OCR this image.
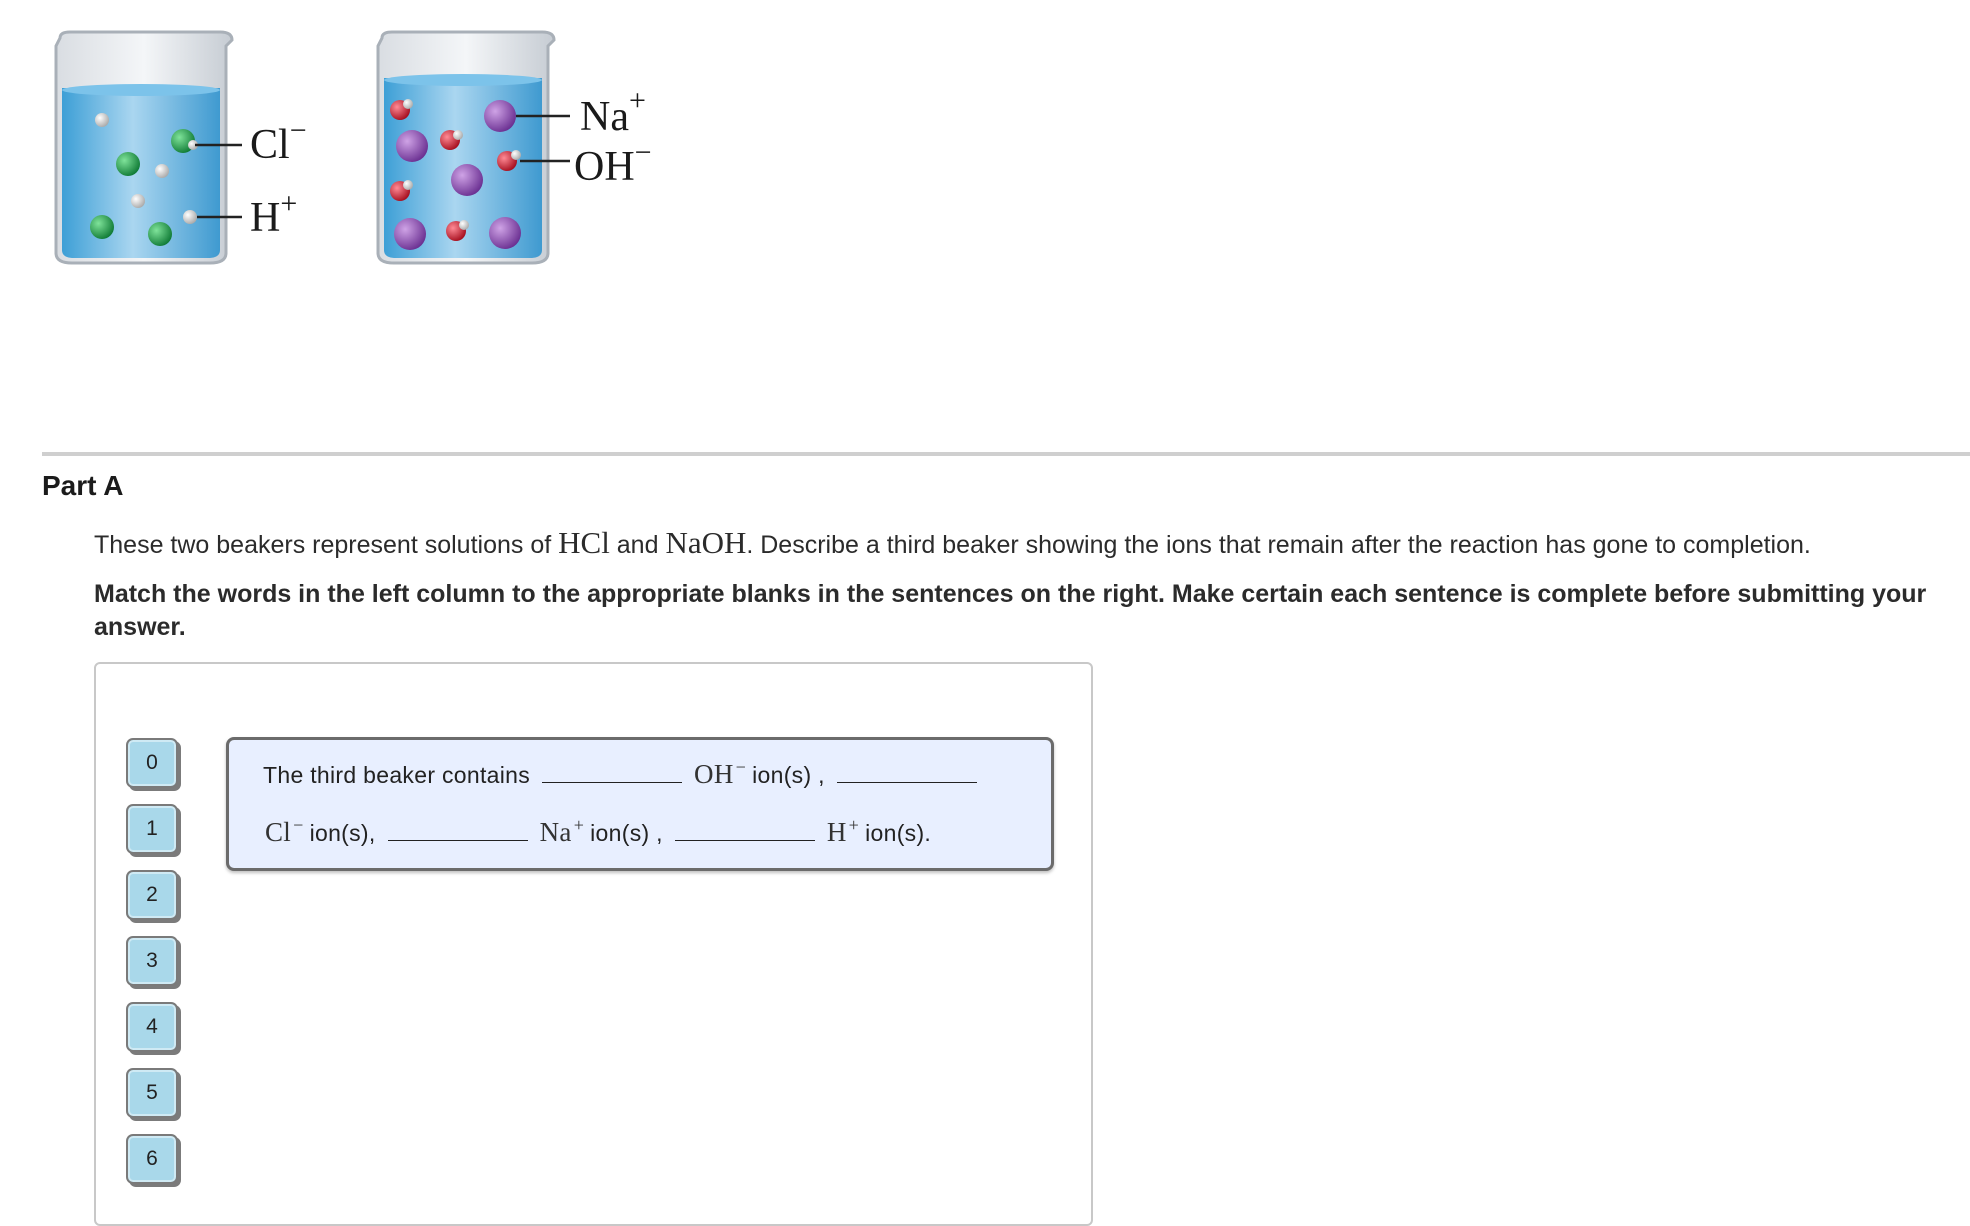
Cl−
H+
Na+
OH−
Part A
These two beakers represent solutions of HCl and NaOH. Describe a third beaker showing the ions that remain after the reaction has gone to completion.
Match the words in the left column to the appropriate blanks in the sentences on the right. Make certain each sentence is complete before submitting your answer.
0
1
2
3
4
5
6
The third beaker contains	OH − ion(s) ,
Cl − ion(s),	Na + ion(s) ,	H + ion(s).
